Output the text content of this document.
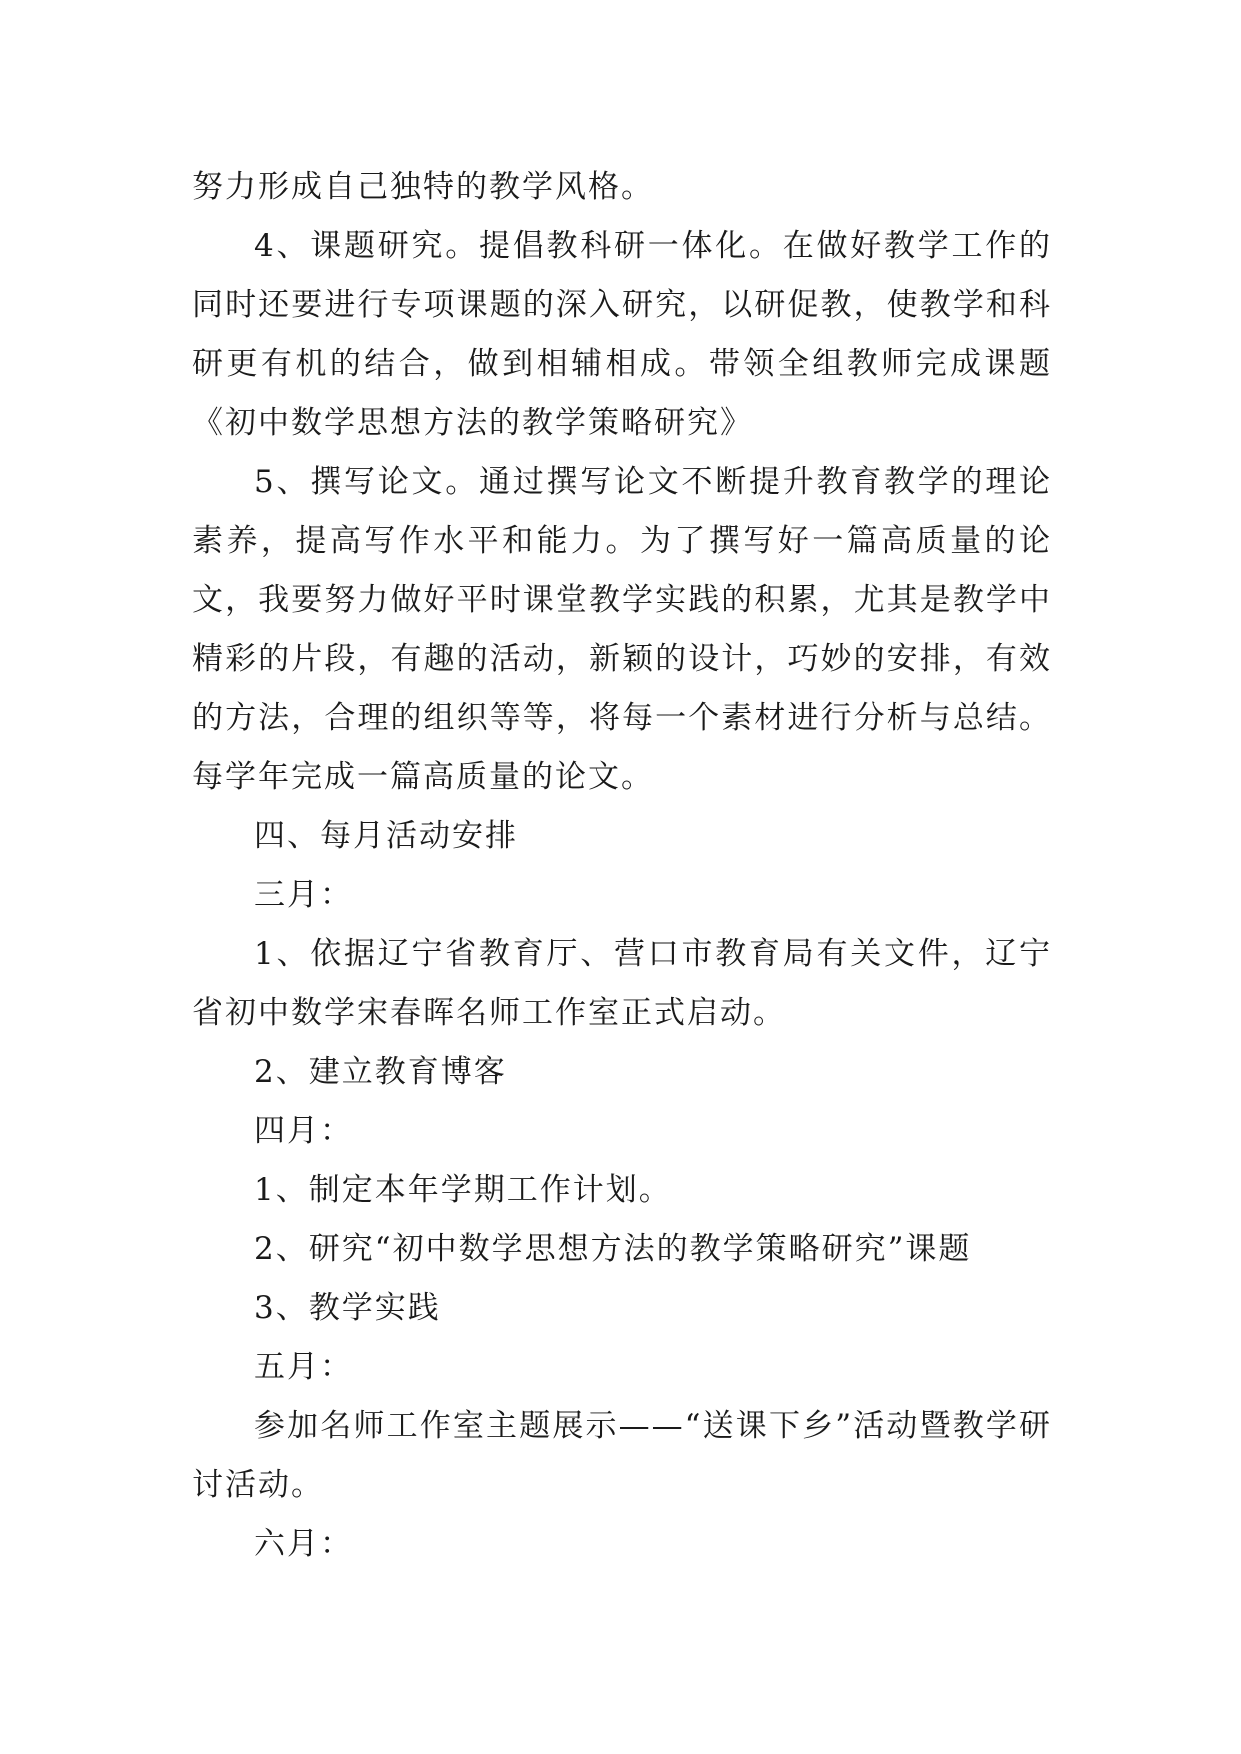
努力形成自己独特的教学风格。

4、课题研究。提倡教科研一体化。在做好教学工作的同时还要进行专项课题的深入研究，以研促教，使教学和科研更有机的结合，做到相辅相成。带领全组教师完成课题《初中数学思想方法的教学策略研究》

5、撰写论文。通过撰写论文不断提升教育教学的理论素养，提高写作水平和能力。为了撰写好一篇高质量的论文，我要努力做好平时课堂教学实践的积累，尤其是教学中精彩的片段，有趣的活动，新颖的设计，巧妙的安排，有效的方法，合理的组织等等，将每一个素材进行分析与总结。每学年完成一篇高质量的论文。

四、每月活动安排

三月：

1、依据辽宁省教育厅、营口市教育局有关文件，辽宁省初中数学宋春晖名师工作室正式启动。

2、建立教育博客

四月：

1、制定本年学期工作计划。

2、研究“初中数学思想方法的教学策略研究”课题

3、教学实践

五月：

参加名师工作室主题展示——“送课下乡”活动暨教学研讨活动。

六月：
